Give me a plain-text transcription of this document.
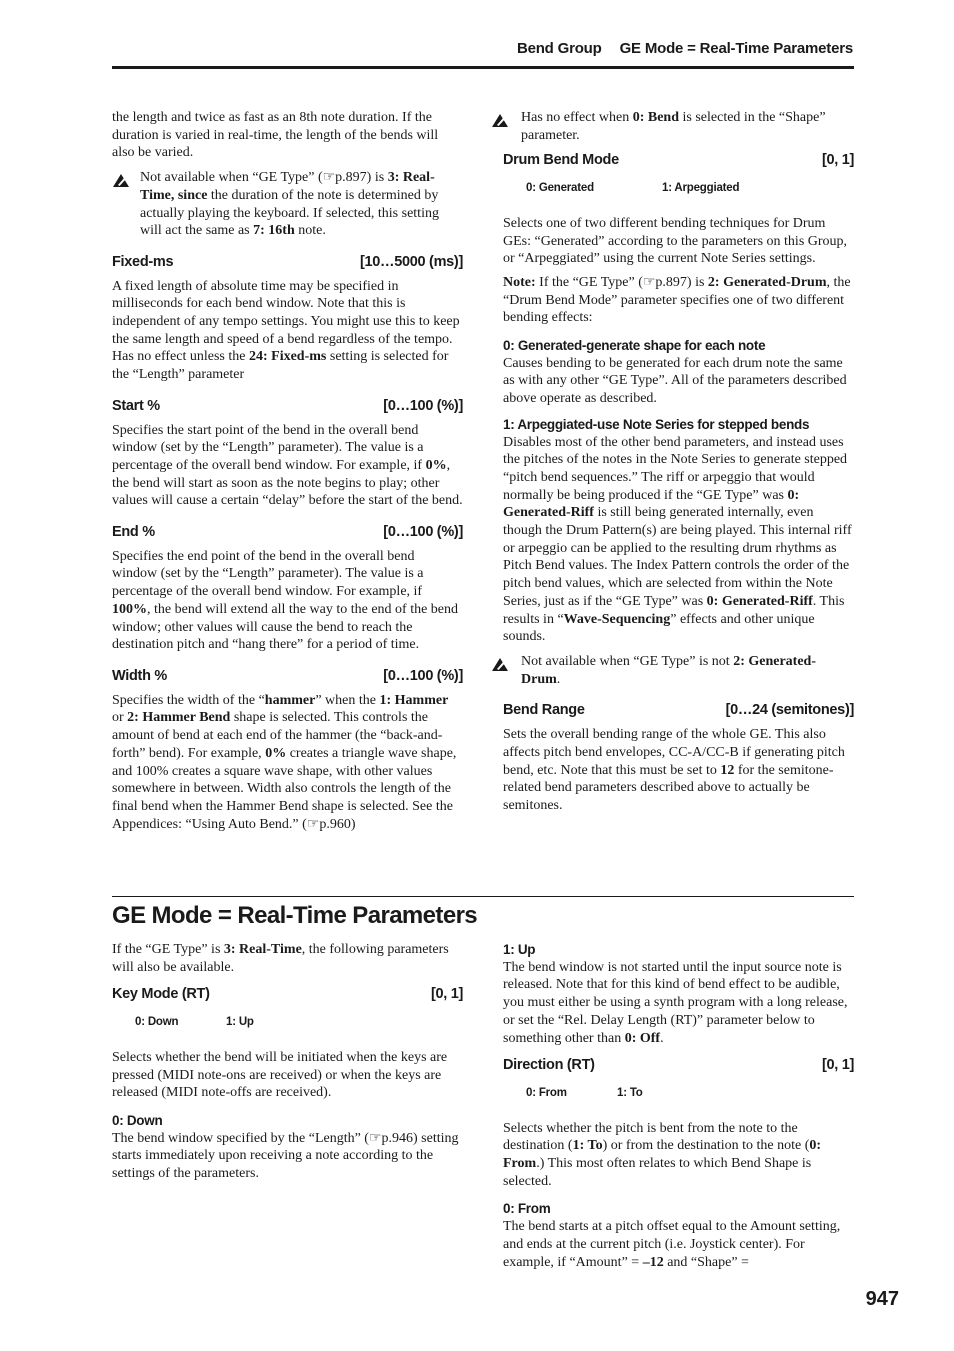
Bend Group GE Mode = Real-Time Parameters

the length and twice as fast as an 8th note duration. If the duration is varied in real-time, the length of the bends will also be varied.

Not available when “GE Type” (☞p.897) is 3: Real-Time, since the duration of the note is determined by actually playing the keyboard. If selected, this setting will act the same as 7: 16th note.
Fixed-ms	[10…5000 (ms)]

A fixed length of absolute time may be specified in milliseconds for each bend window. Note that this is independent of any tempo settings. You might use this to keep the same length and speed of a bend regardless of the tempo. Has no effect unless the 24: Fixed-ms setting is selected for the “Length” parameter

Start %	[0…100 (%)]

Specifies the start point of the bend in the overall bend window (set by the “Length” parameter). The value is a percentage of the overall bend window. For example, if 0%, the bend will start as soon as the note begins to play; other values will cause a certain “delay” before the start of the bend.

End %	[0…100 (%)]

Specifies the end point of the bend in the overall bend window (set by the “Length” parameter). The value is a percentage of the overall bend window. For example, if 100%, the bend will extend all the way to the end of the bend window; other values will cause the bend to reach the destination pitch and “hang there” for a period of time.

Width %	[0…100 (%)]

Specifies the width of the “hammer” when the 1: Hammer or 2: Hammer Bend shape is selected. This controls the amount of bend at each end of the hammer (the “back-and-forth” bend). For example, 0% creates a triangle wave shape, and 100% creates a square wave shape, with other values somewhere in between. Width also controls the length of the final bend when the Hammer Bend shape is selected. See the Appendices: “Using Auto Bend.” (☞p.960)

Has no effect when 0: Bend is selected in the “Shape” parameter.
Drum Bend Mode	[0, 1]
0: Generated	1: Arpeggiated

Selects one of two different bending techniques for Drum GEs: “Generated” according to the parameters on this Group, or “Arpeggiated” using the current Note Series settings.

Note: If the “GE Type” (☞p.897) is 2: Generated-Drum, the “Drum Bend Mode” parameter specifies one of two different bending effects:

0: Generated-generate shape for each note

Causes bending to be generated for each drum note the same as with any other “GE Type”. All of the parameters described above operate as described.

1: Arpeggiated-use Note Series for stepped bends

Disables most of the other bend parameters, and instead uses the pitches of the notes in the Note Series to generate stepped “pitch bend sequences.” The riff or arpeggio that would normally be being produced if the “GE Type” was 0: Generated-Riff is still being generated internally, even though the Drum Pattern(s) are being played. This internal riff or arpeggio can be applied to the resulting drum rhythms as Pitch Bend values. The Index Pattern controls the order of the pitch bend values, which are selected from within the Note Series, just as if the “GE Type” was 0: Generated-Riff. This results in “Wave-Sequencing” effects and other unique sounds.

Not available when “GE Type” is not 2: Generated-Drum.
Bend Range	[0…24 (semitones)]

Sets the overall bending range of the whole GE. This also affects pitch bend envelopes, CC-A/CC-B if generating pitch bend, etc. Note that this must be set to 12 for the semitone-related bend parameters described above to actually be semitones.

GE Mode = Real-Time Parameters

If the “GE Type” is 3: Real-Time, the following parameters will also be available.

Key Mode (RT)	[0, 1]
0: Down	1: Up

Selects whether the bend will be initiated when the keys are pressed (MIDI note-ons are received) or when the keys are released (MIDI note-offs are received).

0: Down

The bend window specified by the “Length” (☞p.946) setting starts immediately upon receiving a note according to the settings of the parameters.

1: Up

The bend window is not started until the input source note is released. Note that for this kind of bend effect to be audible, you must either be using a synth program with a long release, or set the “Rel. Delay Length (RT)” parameter below to something other than 0: Off.

Direction (RT)	[0, 1]
0: From	1: To

Selects whether the pitch is bent from the note to the destination (1: To) or from the destination to the note (0: From.) This most often relates to which Bend Shape is selected.

0: From

The bend starts at a pitch offset equal to the Amount setting, and ends at the current pitch (i.e. Joystick center). For example, if “Amount” = –12 and “Shape” =

947
